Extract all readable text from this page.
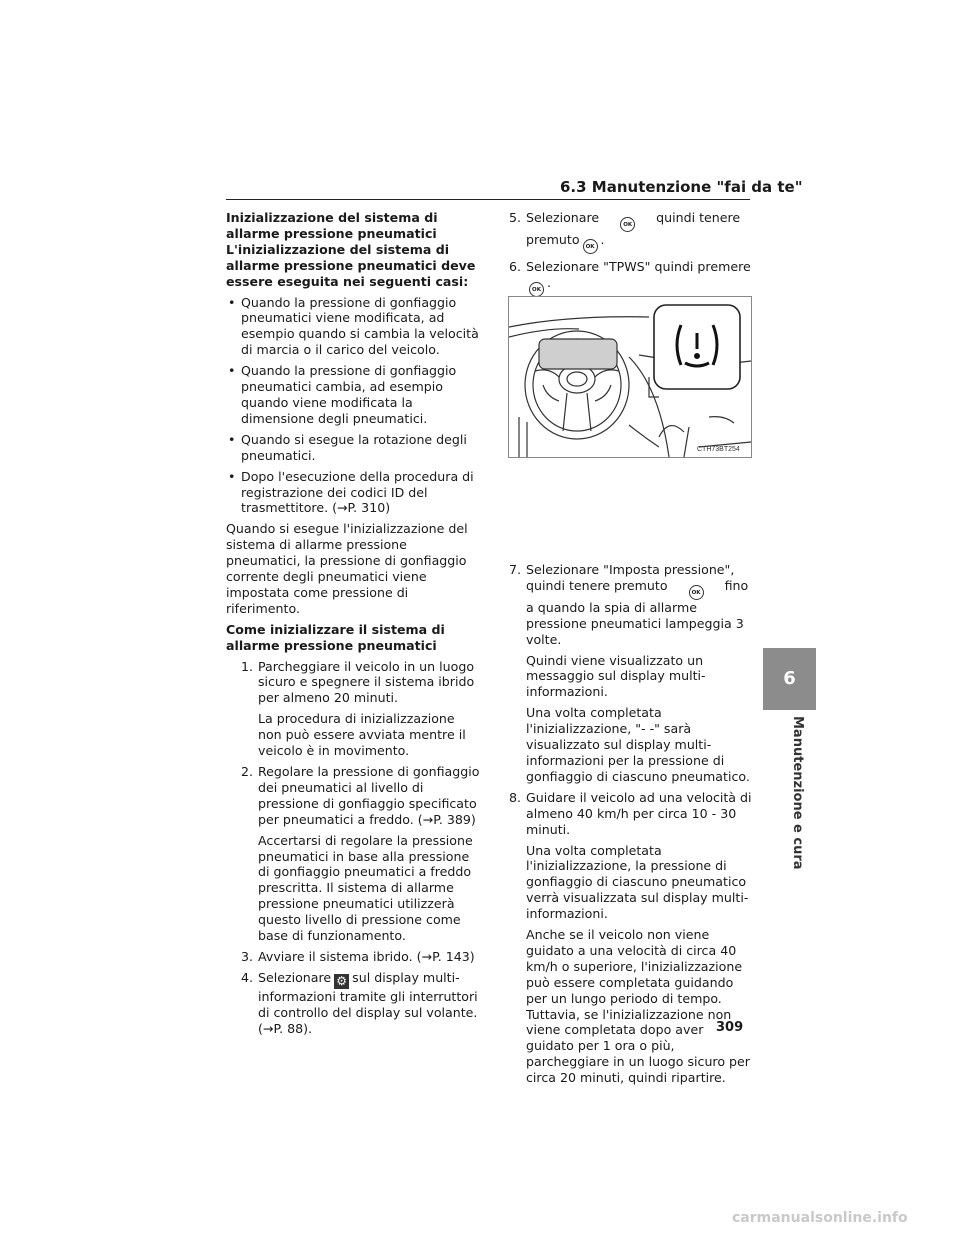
6.3 Manutenzione "fai da te"

Inizializzazione del sistema di allarme pressione pneumatici

L'inizializzazione del sistema di allarme pressione pneumatici deve essere eseguita nei seguenti casi:

• Quando la pressione di gonfiaggio pneumatici viene modificata, ad esempio quando si cambia la velocità di marcia o il carico del veicolo.
• Quando la pressione di gonfiaggio pneumatici cambia, ad esempio quando viene modificata la dimensione degli pneumatici.
• Quando si esegue la rotazione degli pneumatici.
• Dopo l'esecuzione della procedura di registrazione dei codici ID del trasmettitore. (→P. 310)

Quando si esegue l'inizializzazione del sistema di allarme pressione pneumatici, la pressione di gonfiaggio corrente degli pneumatici viene impostata come pressione di riferimento.

Come inizializzare il sistema di allarme pressione pneumatici

1. Parcheggiare il veicolo in un luogo sicuro e spegnere il sistema ibrido per almeno 20 minuti.
La procedura di inizializzazione non può essere avviata mentre il veicolo è in movimento.
2. Regolare la pressione di gonfiaggio dei pneumatici al livello di pressione di gonfiaggio specificato per pneumatici a freddo. (→P. 389)
Accertarsi di regolare la pressione pneumatici in base alla pressione di gonfiaggio pneumatici a freddo prescritta. Il sistema di allarme pressione pneumatici utilizzerà questo livello di pressione come base di funzionamento.
3. Avviare il sistema ibrido. (→P. 143)
4. Selezionare ⚙ sul display multi-informazioni tramite gli interruttori di controllo del display sul volante. (→P. 88).
5. Selezionare	OK quindi tenere premuto OK .
6. Selezionare "TPWS" quindi premere OK .
7. Selezionare "Imposta pressione", quindi tenere premuto	OK fino a quando la spia di allarme pressione pneumatici lampeggia 3 volte.
Quindi viene visualizzato un messaggio sul display multi-informazioni.
Una volta completata l'inizializzazione, "- -" sarà visualizzato sul display multi-informazioni per la pressione di gonfiaggio di ciascuno pneumatico.
8. Guidare il veicolo ad una velocità di almeno 40 km/h per circa 10 - 30 minuti.
Una volta completata l'inizializzazione, la pressione di gonfiaggio di ciascuno pneumatico verrà visualizzata sul display multi-informazioni.
Anche se il veicolo non viene guidato a una velocità di circa 40 km/h o superiore, l'inizializzazione può essere completata guidando per un lungo periodo di tempo. Tuttavia, se l'inizializzazione non viene completata dopo aver guidato per 1 ora o più, parcheggiare in un luogo sicuro per circa 20 minuti, quindi ripartire.
CTH73BT254
6
Manutenzione e cura
309
carmanualsonline.info
